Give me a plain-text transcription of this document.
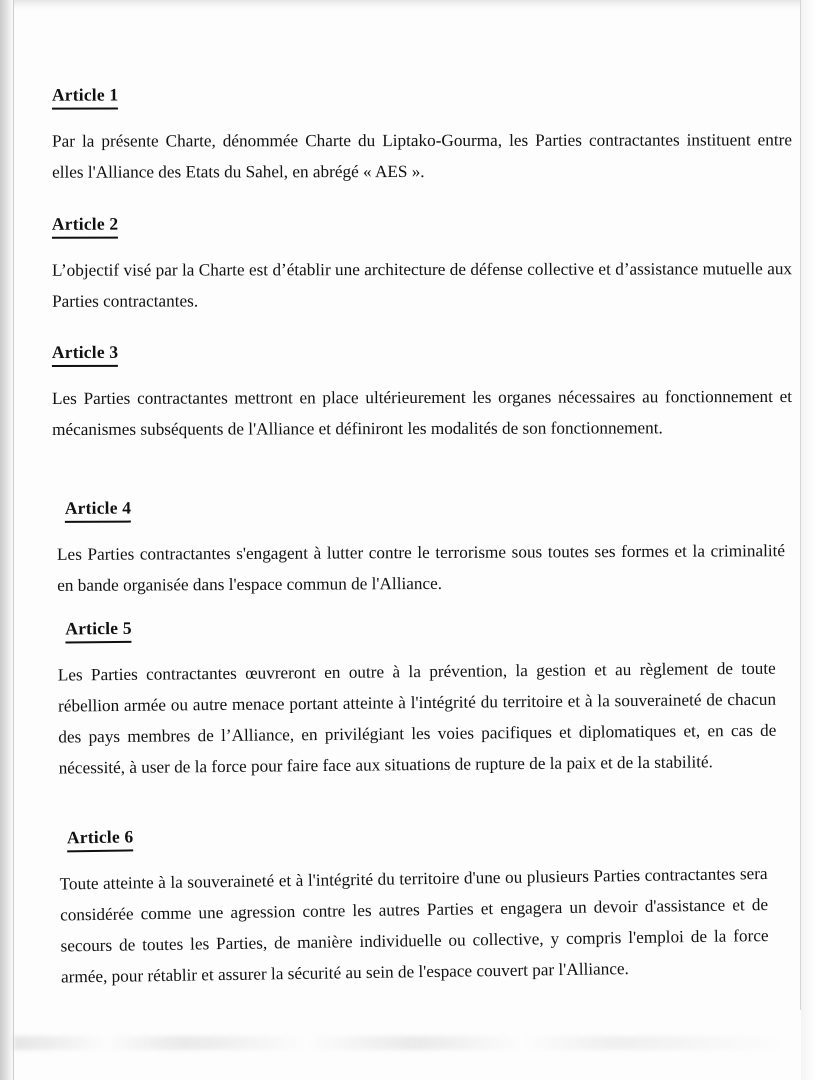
Article 1
Par la présente Charte, dénommée Charte du Liptako-Gourma, les Parties contractantes instituent entre elles l'Alliance des Etats du Sahel, en abrégé « AES ».
Article 2
L’objectif visé par la Charte est d’établir une architecture de défense collective et d’assistance mutuelle aux Parties contractantes.
Article 3
Les Parties contractantes mettront en place ultérieurement les organes nécessaires au fonctionnement et mécanismes subséquents de l'Alliance et définiront les modalités de son fonctionnement.
Article 4
Les Parties contractantes s'engagent à lutter contre le terrorisme sous toutes ses formes et la criminalité en bande organisée dans l'espace commun de l'Alliance.
Article 5
Les Parties contractantes œuvreront en outre à la prévention, la gestion et au règlement de toute rébellion armée ou autre menace portant atteinte à l'intégrité du territoire et à la souveraineté de chacun des pays membres de l’Alliance, en privilégiant les voies pacifiques et diplomatiques et, en cas de nécessité, à user de la force pour faire face aux situations de rupture de la paix et de la stabilité.
Article 6
Toute atteinte à la souveraineté et à l'intégrité du territoire d'une ou plusieurs Parties contractantes sera considérée comme une agression contre les autres Parties et engagera un devoir d'assistance et de secours de toutes les Parties, de manière individuelle ou collective, y compris l'emploi de la force armée, pour rétablir et assurer la sécurité au sein de l'espace couvert par l'Alliance.
